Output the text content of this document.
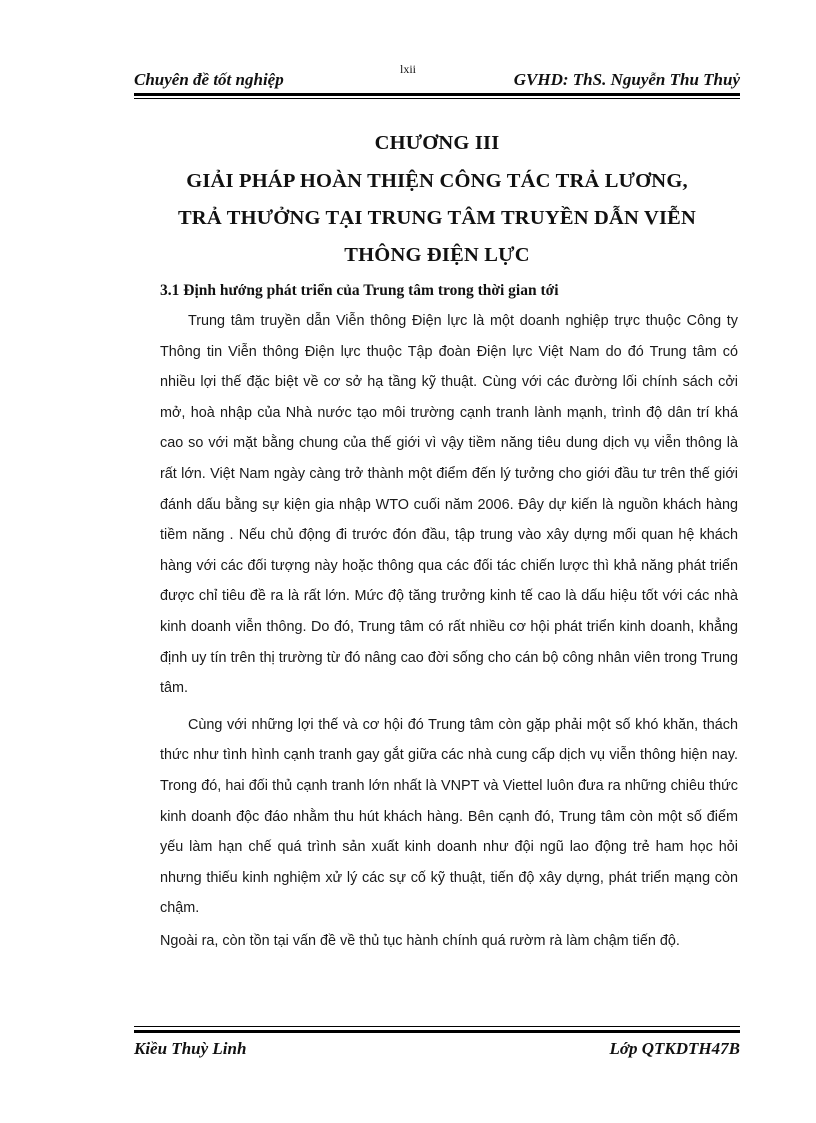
lxii
Chuyên đề tốt nghiệp	GVHD: ThS. Nguyễn Thu Thuỷ
CHƯƠNG III
GIẢI PHÁP HOÀN THIỆN CÔNG TÁC TRẢ LƯƠNG,
TRẢ THƯỞNG TẠI TRUNG TÂM TRUYỀN DẪN VIỄN
THÔNG ĐIỆN LỰC
3.1 Định hướng phát triển của Trung tâm trong thời gian tới

Trung tâm truyền dẫn Viễn thông Điện lực là một doanh nghiệp trực thuộc Công ty Thông tin Viễn thông Điện lực thuộc Tập đoàn Điện lực Việt Nam do đó Trung tâm có nhiều lợi thế đặc biệt về cơ sở hạ tầng kỹ thuật. Cùng với các đường lối chính sách cởi mở, hoà nhập của Nhà nước tạo môi trường cạnh tranh lành mạnh, trình độ dân trí khá cao so với mặt bằng chung của thế giới vì vậy tiềm năng tiêu dung dịch vụ viễn thông là rất lớn. Việt Nam ngày càng trở thành một điểm đến lý tưởng cho giới đầu tư trên thế giới đánh dấu bằng sự kiện gia nhập WTO cuối năm 2006. Đây dự kiến là nguồn khách hàng tiềm năng . Nếu chủ động đi trước đón đầu, tập trung vào xây dựng mối quan hệ khách hàng với các đối tượng này hoặc thông qua các đối tác chiến lược thì khả năng phát triển được chỉ tiêu đề ra là rất lớn. Mức độ tăng trưởng kinh tế cao là dấu hiệu tốt với các nhà kinh doanh viễn thông. Do đó, Trung tâm có rất nhiều cơ hội phát triển kinh doanh, khẳng định uy tín trên thị trường từ đó nâng cao đời sống cho cán bộ công nhân viên trong Trung tâm.

Cùng với những lợi thế và cơ hội đó Trung tâm còn gặp phải một số khó khăn, thách thức như tình hình cạnh tranh gay gắt giữa các nhà cung cấp dịch vụ viễn thông hiện nay. Trong đó, hai đối thủ cạnh tranh lớn nhất là VNPT và Viettel luôn đưa ra những chiêu thức kinh doanh độc đáo nhằm thu hút khách hàng. Bên cạnh đó, Trung tâm còn một số điểm yếu làm hạn chế quá trình sản xuất kinh doanh như đội ngũ lao động trẻ ham học hỏi nhưng thiếu kinh nghiệm xử lý các sự cố kỹ thuật, tiến độ xây dựng, phát triển mạng còn chậm.

Ngoài ra, còn tồn tại vấn đề về thủ tục hành chính quá rườm rà làm chậm tiến độ.

Kiều Thuỳ Linh	Lớp QTKDTH47B
